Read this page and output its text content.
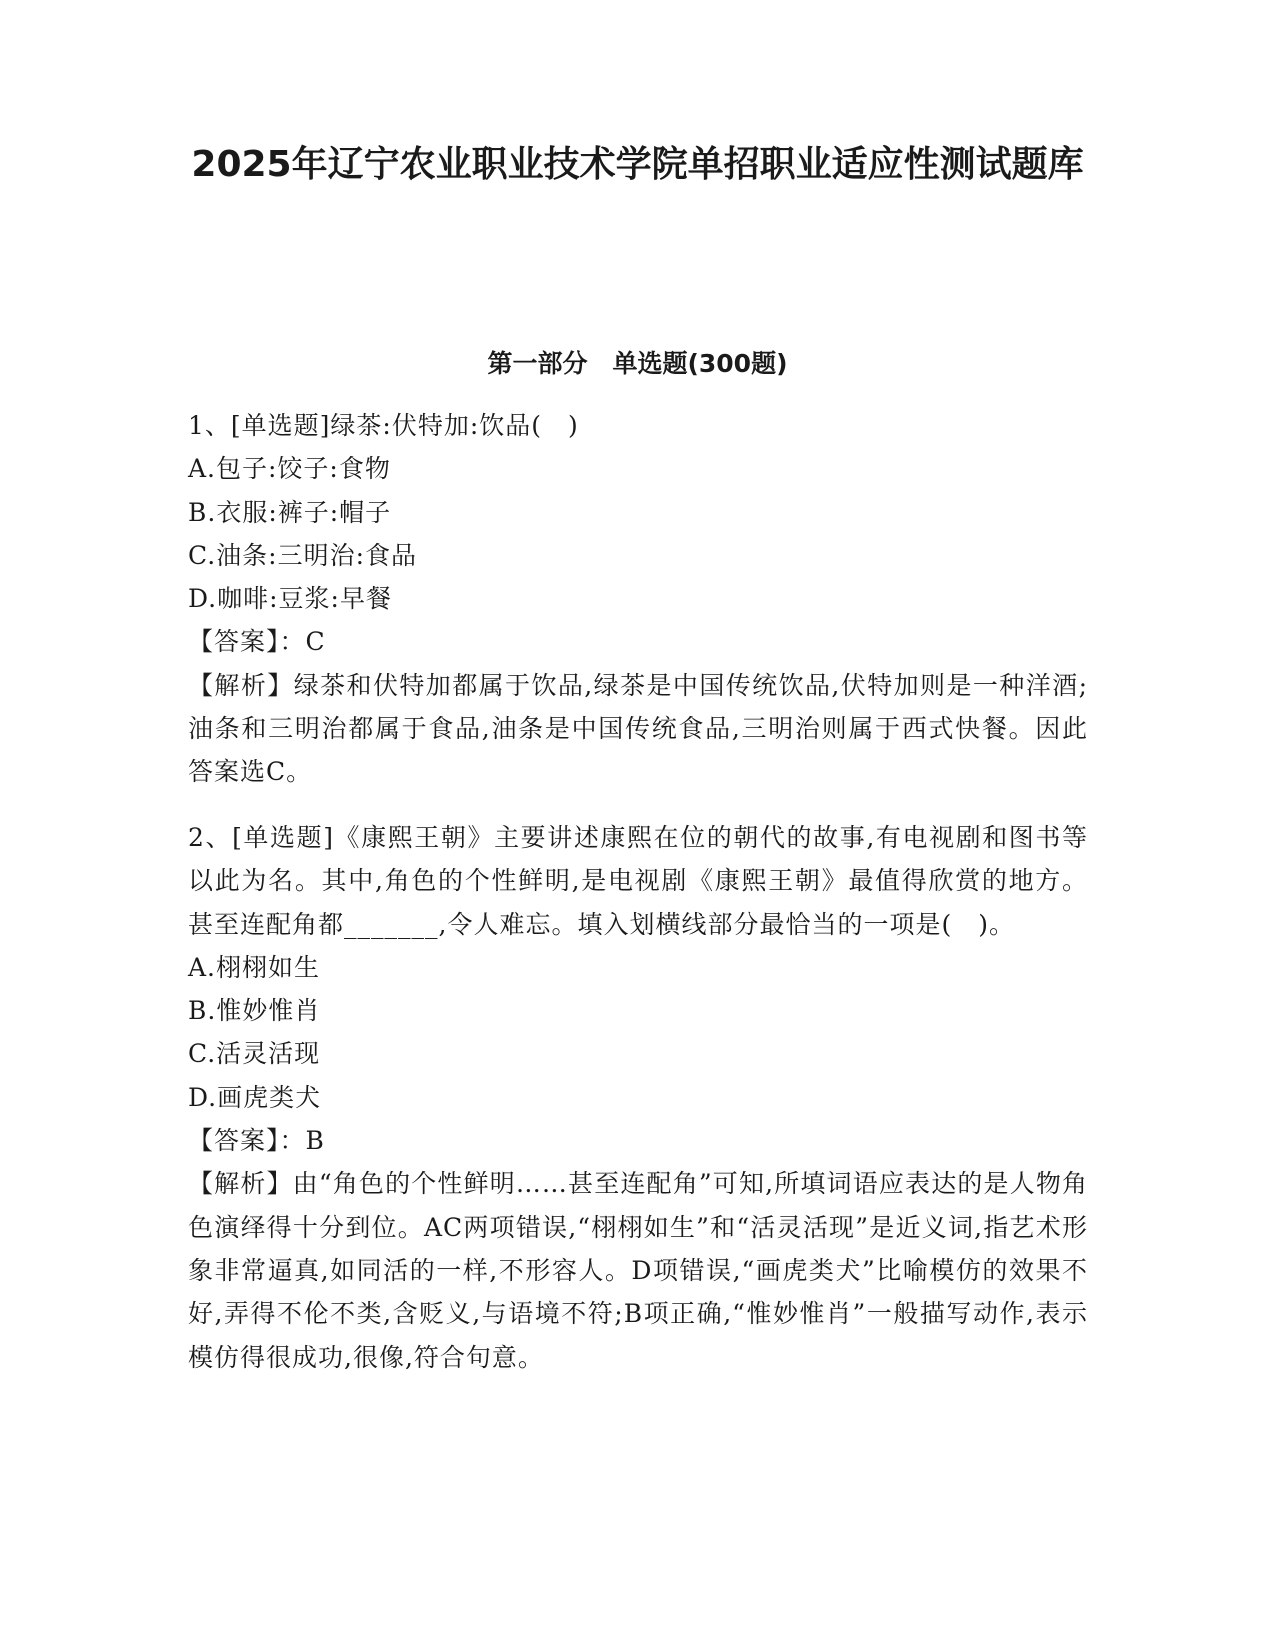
2025年辽宁农业职业技术学院单招职业适应性测试题库
第一部分　单选题(300题)

1、[单选题]绿茶:伏特加:饮品(　)

A.包子:饺子:食物

B.衣服:裤子:帽子

C.油条:三明治:食品

D.咖啡:豆浆:早餐

【答案】：C

【解析】绿茶和伏特加都属于饮品,绿茶是中国传统饮品,伏特加则是一种洋酒;油条和三明治都属于食品,油条是中国传统食品,三明治则属于西式快餐。因此答案选C。

2、[单选题]《康熙王朝》主要讲述康熙在位的朝代的故事,有电视剧和图书等以此为名。其中,角色的个性鲜明,是电视剧《康熙王朝》最值得欣赏的地方。甚至连配角都_______,令人难忘。填入划横线部分最恰当的一项是(　)。

A.栩栩如生

B.惟妙惟肖

C.活灵活现

D.画虎类犬

【答案】：B

【解析】由“角色的个性鲜明……甚至连配角”可知,所填词语应表达的是人物角色演绎得十分到位。AC两项错误,“栩栩如生”和“活灵活现”是近义词,指艺术形象非常逼真,如同活的一样,不形容人。D项错误,“画虎类犬”比喻模仿的效果不好,弄得不伦不类,含贬义,与语境不符;B项正确,“惟妙惟肖”一般描写动作,表示模仿得很成功,很像,符合句意。
